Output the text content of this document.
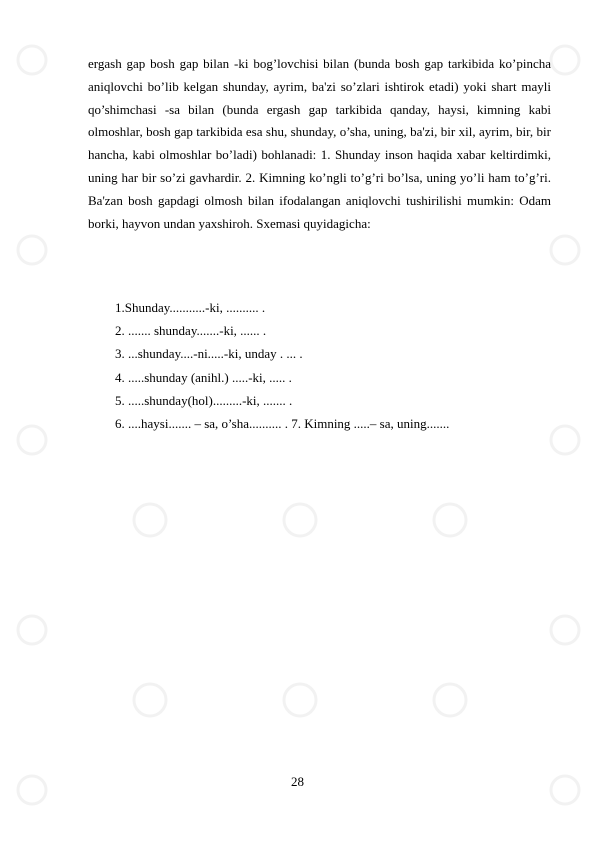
ergash gap bosh gap bilan -ki bog’lovchisi bilan (bunda bosh gap tarkibida ko’pincha aniqlovchi bo’lib kelgan shunday, ayrim, ba'zi so’zlari ishtirok etadi) yoki shart mayli qo’shimchasi -sa bilan (bunda ergash gap tarkibida qanday, haysi, kimning kabi olmoshlar, bosh gap tarkibida esa shu, shunday, o’sha, uning, ba'zi, bir xil, ayrim, bir, bir hancha, kabi olmoshlar bo’ladi) bohlanadi: 1. Shunday inson haqida xabar keltirdimki, uning har bir so’zi gavhardir. 2. Kimning ko’ngli to’g’ri bo’lsa, uning yo’li ham to’g’ri. Ba'zan bosh gapdagi olmosh bilan ifodalangan aniqlovchi tushirilishi mumkin: Odam borki, hayvon undan yaxshiroh. Sxemasi quyidagicha:

1.Shunday...........-ki, .......... .
2. ....... shunday.......-ki, ...... .
3. ...shunday....-ni.....-ki, unday . ... .
4. .....shunday (anihl.) .....-ki, ..... .
5. .....shunday(hol).........-ki, ....... .
6. ....haysi....... – sa, o’sha.......... . 7. Kimning .....– sa, uning.......
28
